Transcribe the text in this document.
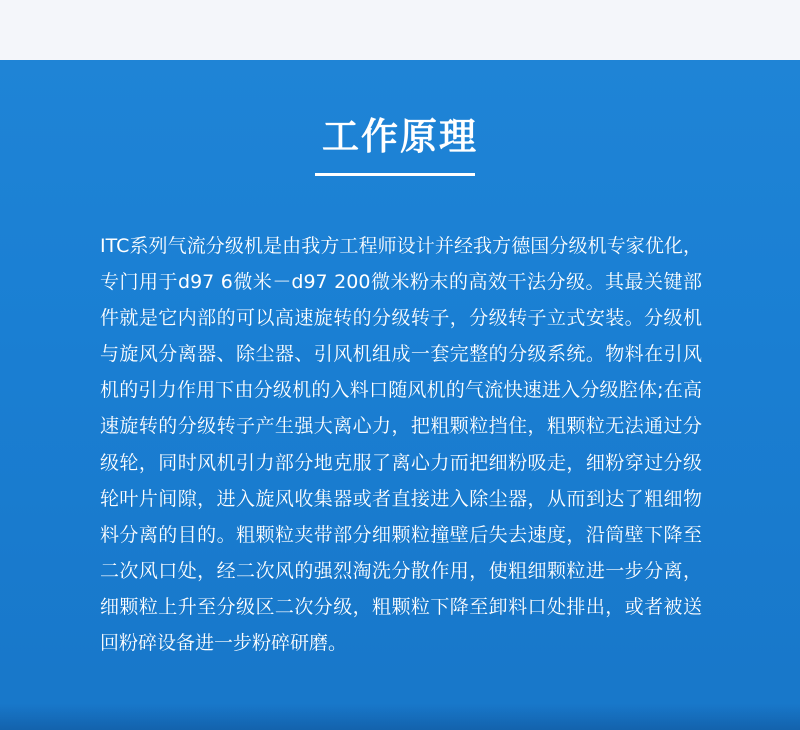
工作原理
ITC系列气流分级机是由我方工程师设计并经我方德国分级机专家优化，专门用于d97 6微米－d97 200微米粉末的高效干法分级。其最关键部件就是它内部的可以高速旋转的分级转子，分级转子立式安装。分级机与旋风分离器、除尘器、引风机组成一套完整的分级系统。物料在引风机的引力作用下由分级机的入料口随风机的气流快速进入分级腔体;在高速旋转的分级转子产生强大离心力，把粗颗粒挡住，粗颗粒无法通过分级轮，同时风机引力部分地克服了离心力而把细粉吸走，细粉穿过分级轮叶片间隙，进入旋风收集器或者直接进入除尘器，从而到达了粗细物料分离的目的。粗颗粒夹带部分细颗粒撞壁后失去速度，沿筒壁下降至二次风口处，经二次风的强烈淘洗分散作用，使粗细颗粒进一步分离，细颗粒上升至分级区二次分级，粗颗粒下降至卸料口处排出，或者被送回粉碎设备进一步粉碎研磨。
